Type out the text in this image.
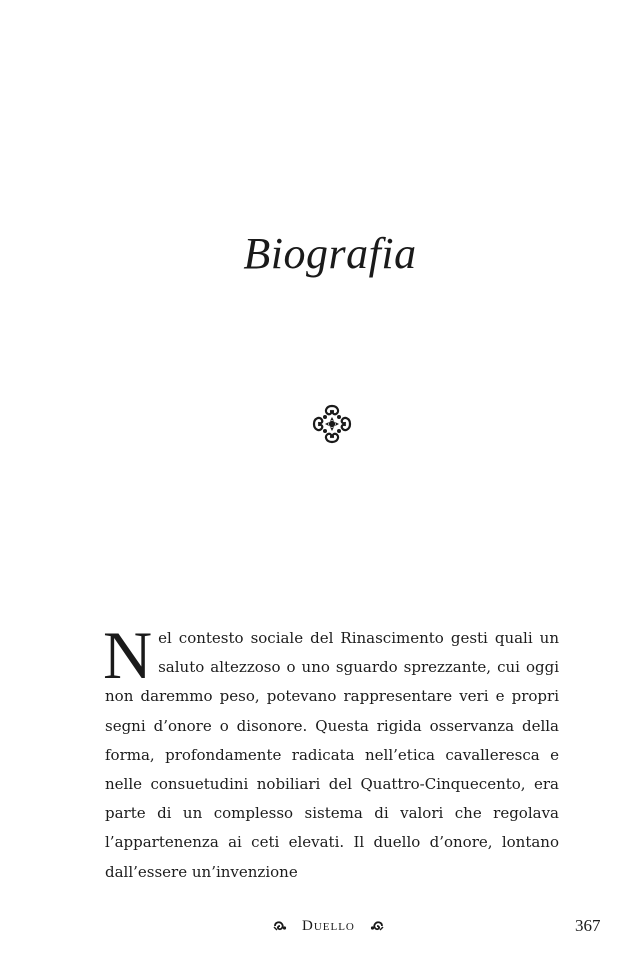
Biografia
Nel contesto sociale del Rinascimento gesti quali un saluto altezzoso o uno sguardo sprezzante, cui oggi non daremmo peso, potevano rappresentare veri e propri segni d’onore o disonore. Questa rigida osservanza della forma, profondamente radicata nell’etica cavalleresca e nelle consuetudini nobiliari del Quattro-Cinquecento, era parte di un complesso sistema di valori che regolava l’appartenenza ai ceti elevati. Il duello d’onore, lontano dall’essere un’invenzione
Duello	367
